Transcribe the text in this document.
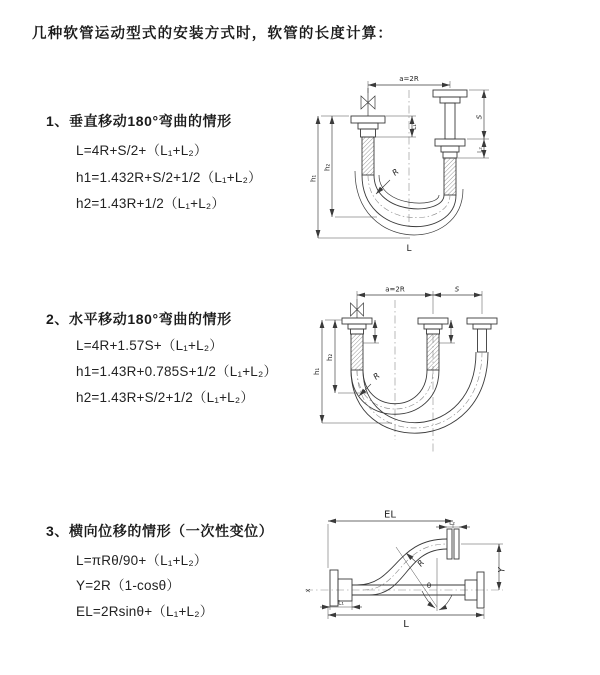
几种软管运动型式的安装方式时，软管的长度计算：
1、垂直移动180°弯曲的情形
L=4R+S/2+（L₁+L₂）
h1=1.432R+S/2+1/2（L₁+L₂）
h2=1.43R+1/2（L₁+L₂）
a=2R
h₁
h₂
L₁
S
L₂
R
L
2、水平移动180°弯曲的情形
L=4R+1.57S+（L₁+L₂）
h1=1.43R+0.785S+1/2（L₁+L₂）
h2=1.43R+S/2+1/2（L₁+L₂）
a=2R	S
h₁
h₂
R
3、横向位移的情形（一次性变位）
L=πRθ/90+（L₁+L₂）
Y=2R（1-cosθ）
EL=2Rsinθ+（L₁+L₂）
EL
L₂
Y
L
L₁
X
R
θ
